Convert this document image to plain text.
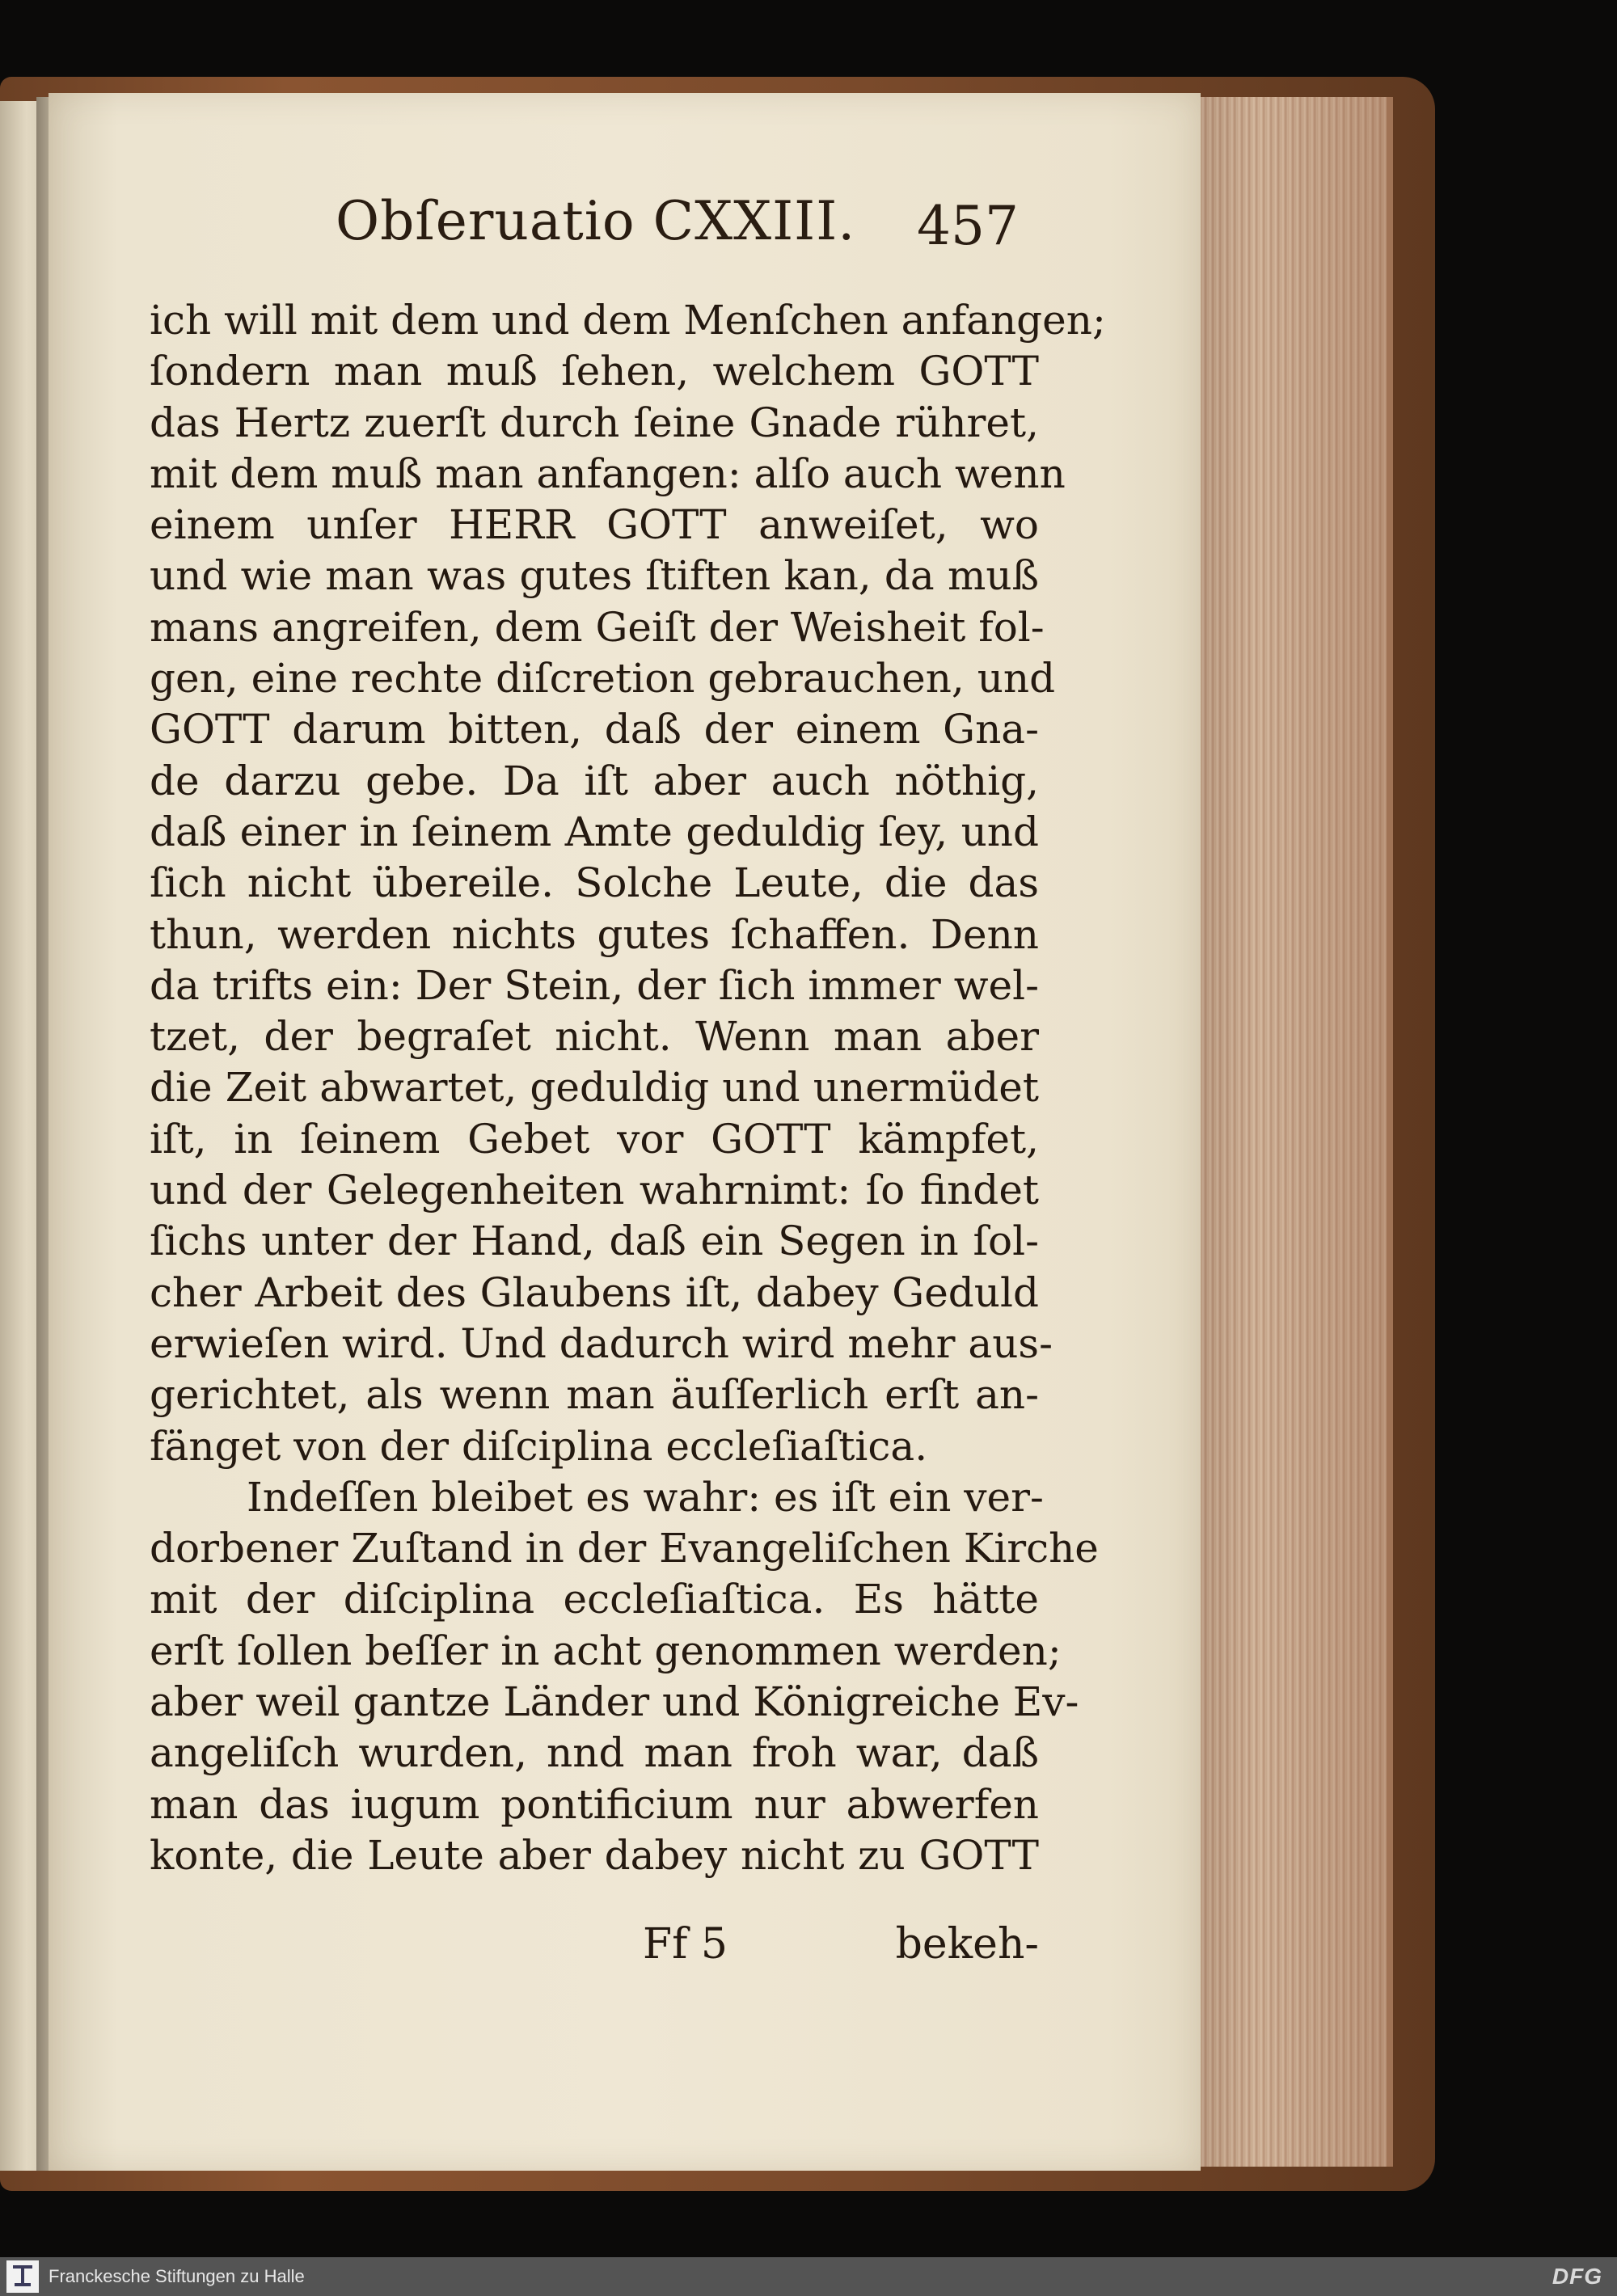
Obſeruatio CXXIII. 457
ich will mit dem und dem Menſchen anfangen;
ſondern man muß ſehen, welchem GOTT
das Hertz zuerſt durch ſeine Gnade rühret,
mit dem muß man anfangen: alſo auch wenn
einem unſer HERR GOTT anweiſet, wo
und wie man was gutes ſtiften kan, da muß
mans angreifen, dem Geiſt der Weisheit fol-
gen, eine rechte diſcretion gebrauchen, und
GOTT darum bitten, daß der einem Gna-
de darzu gebe. Da iſt aber auch nöthig,
daß einer in ſeinem Amte geduldig ſey, und
ſich nicht übereile. Solche Leute, die das
thun, werden nichts gutes ſchaffen. Denn
da trifts ein: Der Stein, der ſich immer wel-
tzet, der begraſet nicht. Wenn man aber
die Zeit abwartet, geduldig und unermüdet
iſt, in ſeinem Gebet vor GOTT kämpfet,
und der Gelegenheiten wahrnimt: ſo findet
ſichs unter der Hand, daß ein Segen in ſol-
cher Arbeit des Glaubens iſt, dabey Geduld
erwieſen wird. Und dadurch wird mehr aus-
gerichtet, als wenn man äuſſerlich erſt an-
fänget von der diſciplina eccleſiaſtica.
Indeſſen bleibet es wahr: es iſt ein ver-
dorbener Zuſtand in der Evangeliſchen Kirche
mit der diſciplina eccleſiaſtica. Es hätte
erſt ſollen beſſer in acht genommen werden;
aber weil gantze Länder und Königreiche Ev-
angeliſch wurden, nnd man froh war, daß
man das iugum pontificium nur abwerfen
konte, die Leute aber dabey nicht zu GOTT
Ff 5	bekeh-
Franckesche Stiftungen zu Halle	DFG
